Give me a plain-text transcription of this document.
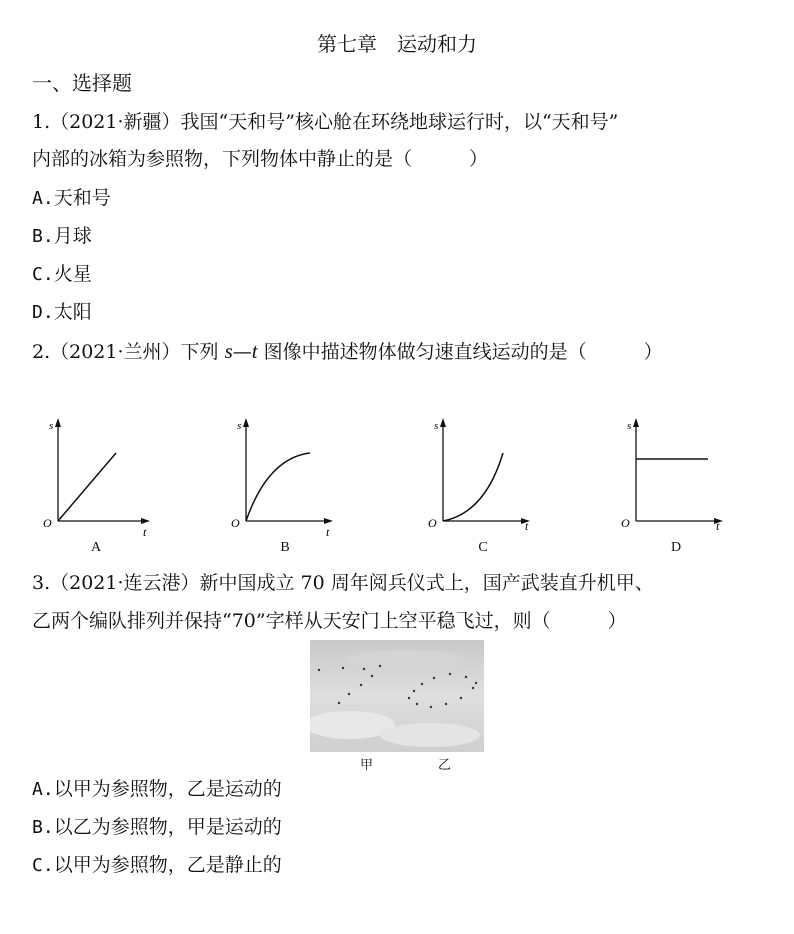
第七章　运动和力
一、选择题
1.（2021·新疆）我国“天和号”核心舱在环绕地球运行时，以“天和号”
内部的冰箱为参照物，下列物体中静止的是（　　　）
A.天和号
B.月球
C.火星
D.太阳
2.（2021·兰州）下列 s—t 图像中描述物体做匀速直线运动的是（　　　）
s
t
O
s
t
O
s
t
O
s
t
O
A	B	C	D
3.（2021·连云港）新中国成立 70 周年阅兵仪式上，国产武装直升机甲、
乙两个编队排列并保持“70”字样从天安门上空平稳飞过，则（　　　）
甲	乙
A.以甲为参照物，乙是运动的
B.以乙为参照物，甲是运动的
C.以甲为参照物，乙是静止的
